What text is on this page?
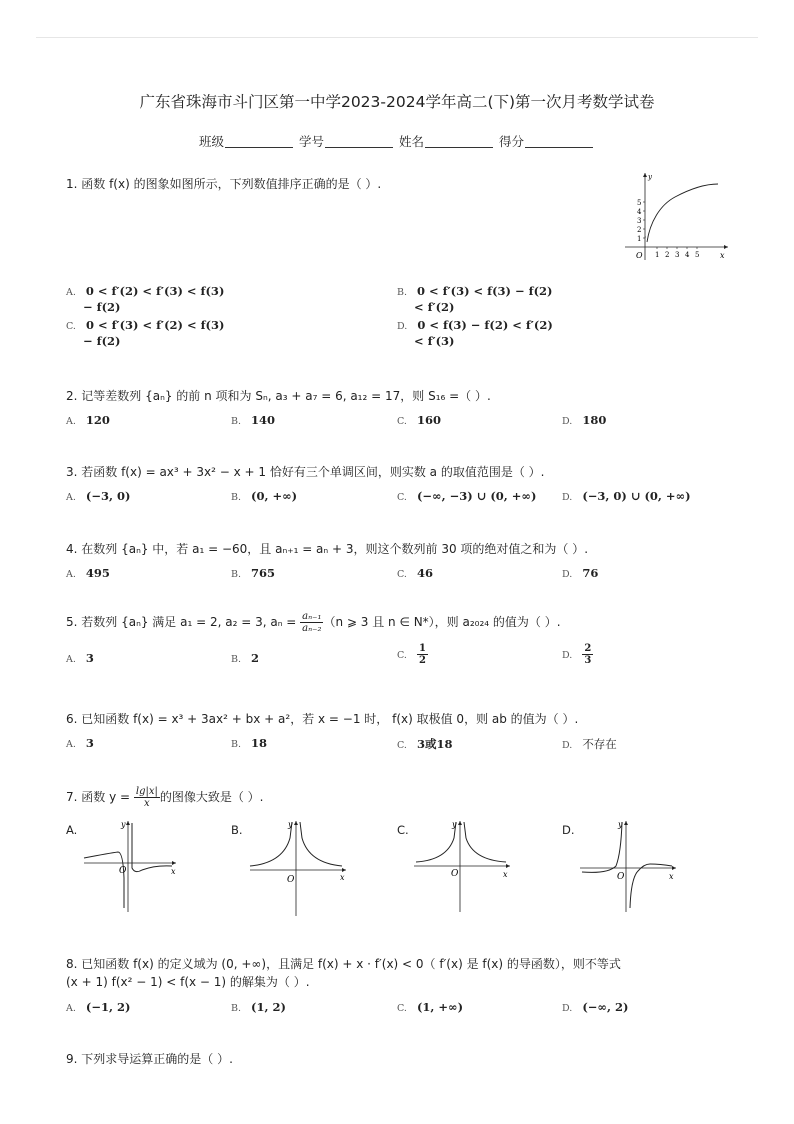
广东省珠海市斗门区第一中学2023-2024学年高二(下)第一次月考数学试卷
班级	学号	姓名	得分
1. 函数 f(x) 的图象如图所示，下列数值排序正确的是（ ）.
1
2
3
4
5
1 2 3 4 5
O	x
y
A. 0 < f′(2) < f′(3) < f(3)
− f(2)
B. 0 < f′(3) < f(3) − f(2)
< f′(2)
C. 0 < f′(3) < f′(2) < f(3)
− f(2)
D. 0 < f(3) − f(2) < f′(2)
< f′(3)
2. 记等差数列 {aₙ} 的前 n 项和为 Sₙ, a₃ + a₇ = 6, a₁₂ = 17，则 S₁₆ =（ ）.
A. 120	B. 140	C. 160	D. 180
3. 若函数 f(x) = ax³ + 3x² − x + 1 恰好有三个单调区间，则实数 a 的取值范围是（ ）.
A. (−3, 0)	B. (0, +∞)	C. (−∞, −3) ∪ (0, +∞)	D. (−3, 0) ∪ (0, +∞)
4. 在数列 {aₙ} 中，若 a₁ = −60，且 aₙ₊₁ = aₙ + 3，则这个数列前 30 项的绝对值之和为（ ）.
A. 495	B. 765	C. 46	D. 76
5. 若数列 {aₙ} 满足 a₁ = 2, a₂ = 3, $a_n = \frac{\text{aₙ₋₁}}{\text{aₙ₋₂}} (n$ ⩾ 3 且 n ∈ N*），则 a₂₀₂₄ 的值为（ ）.
A. 3	B. 2	C. $\frac{1}{2}$	D. $\frac{2}{3}$
6. 已知函数 f(x) = x³ + 3ax² + bx + a²，若 x = −1 时， f(x) 取极值 0，则 ab 的值为（ ）.
A. 3	B. 18	C. 3或18	D. 不存在
7. 函数 $y = \frac{\lg|x|}{x}$ 的图像大致是（ ）.
A.
O	x
y	B.
O	x
y	C.
O	x
y	D.
O	x
y
8. 已知函数 f(x) 的定义域为 (0, +∞)，且满足 f(x) + x · f′(x) < 0（ f′(x) 是 f(x) 的导函数），则不等式
(x + 1) f(x² − 1) < f(x − 1) 的解集为（ ）.
A. (−1, 2)	B. (1, 2)	C. (1, +∞)	D. (−∞, 2)
9. 下列求导运算正确的是（ ）.
